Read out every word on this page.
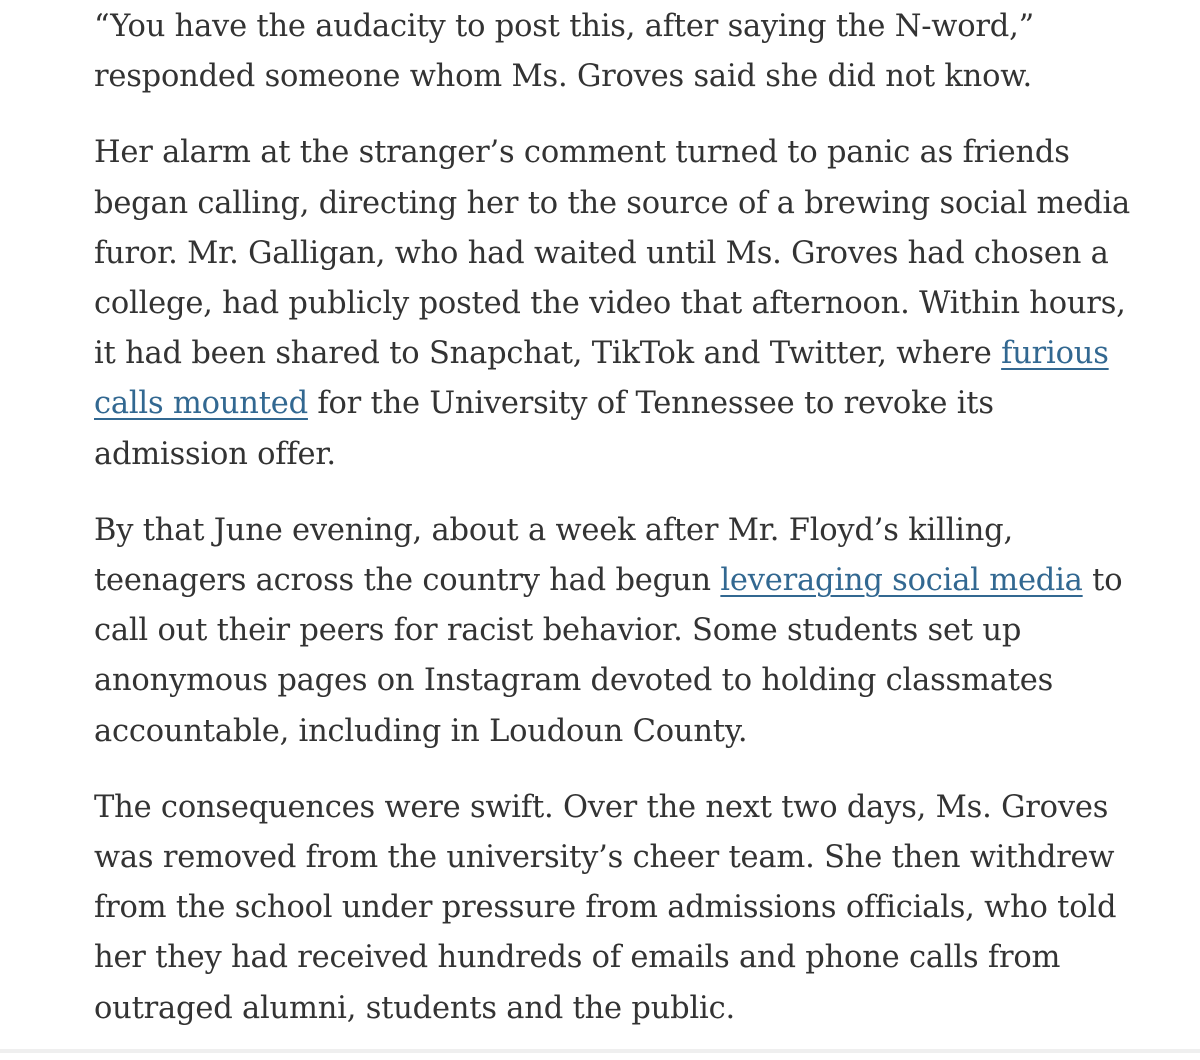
“You have the audacity to post this, after saying the N-word,” responded someone whom Ms. Groves said she did not know.

Her alarm at the stranger’s comment turned to panic as friends began calling, directing her to the source of a brewing social media furor. Mr. Galligan, who had waited until Ms. Groves had chosen a college, had publicly posted the video that afternoon. Within hours, it had been shared to Snapchat, TikTok and Twitter, where furious calls mounted for the University of Tennessee to revoke its admission offer.

By that June evening, about a week after Mr. Floyd’s killing, teenagers across the country had begun leveraging social media to call out their peers for racist behavior. Some students set up anonymous pages on Instagram devoted to holding classmates accountable, including in Loudoun County.

The consequences were swift. Over the next two days, Ms. Groves was removed from the university’s cheer team. She then withdrew from the school under pressure from admissions officials, who told her they had received hundreds of emails and phone calls from outraged alumni, students and the public.
